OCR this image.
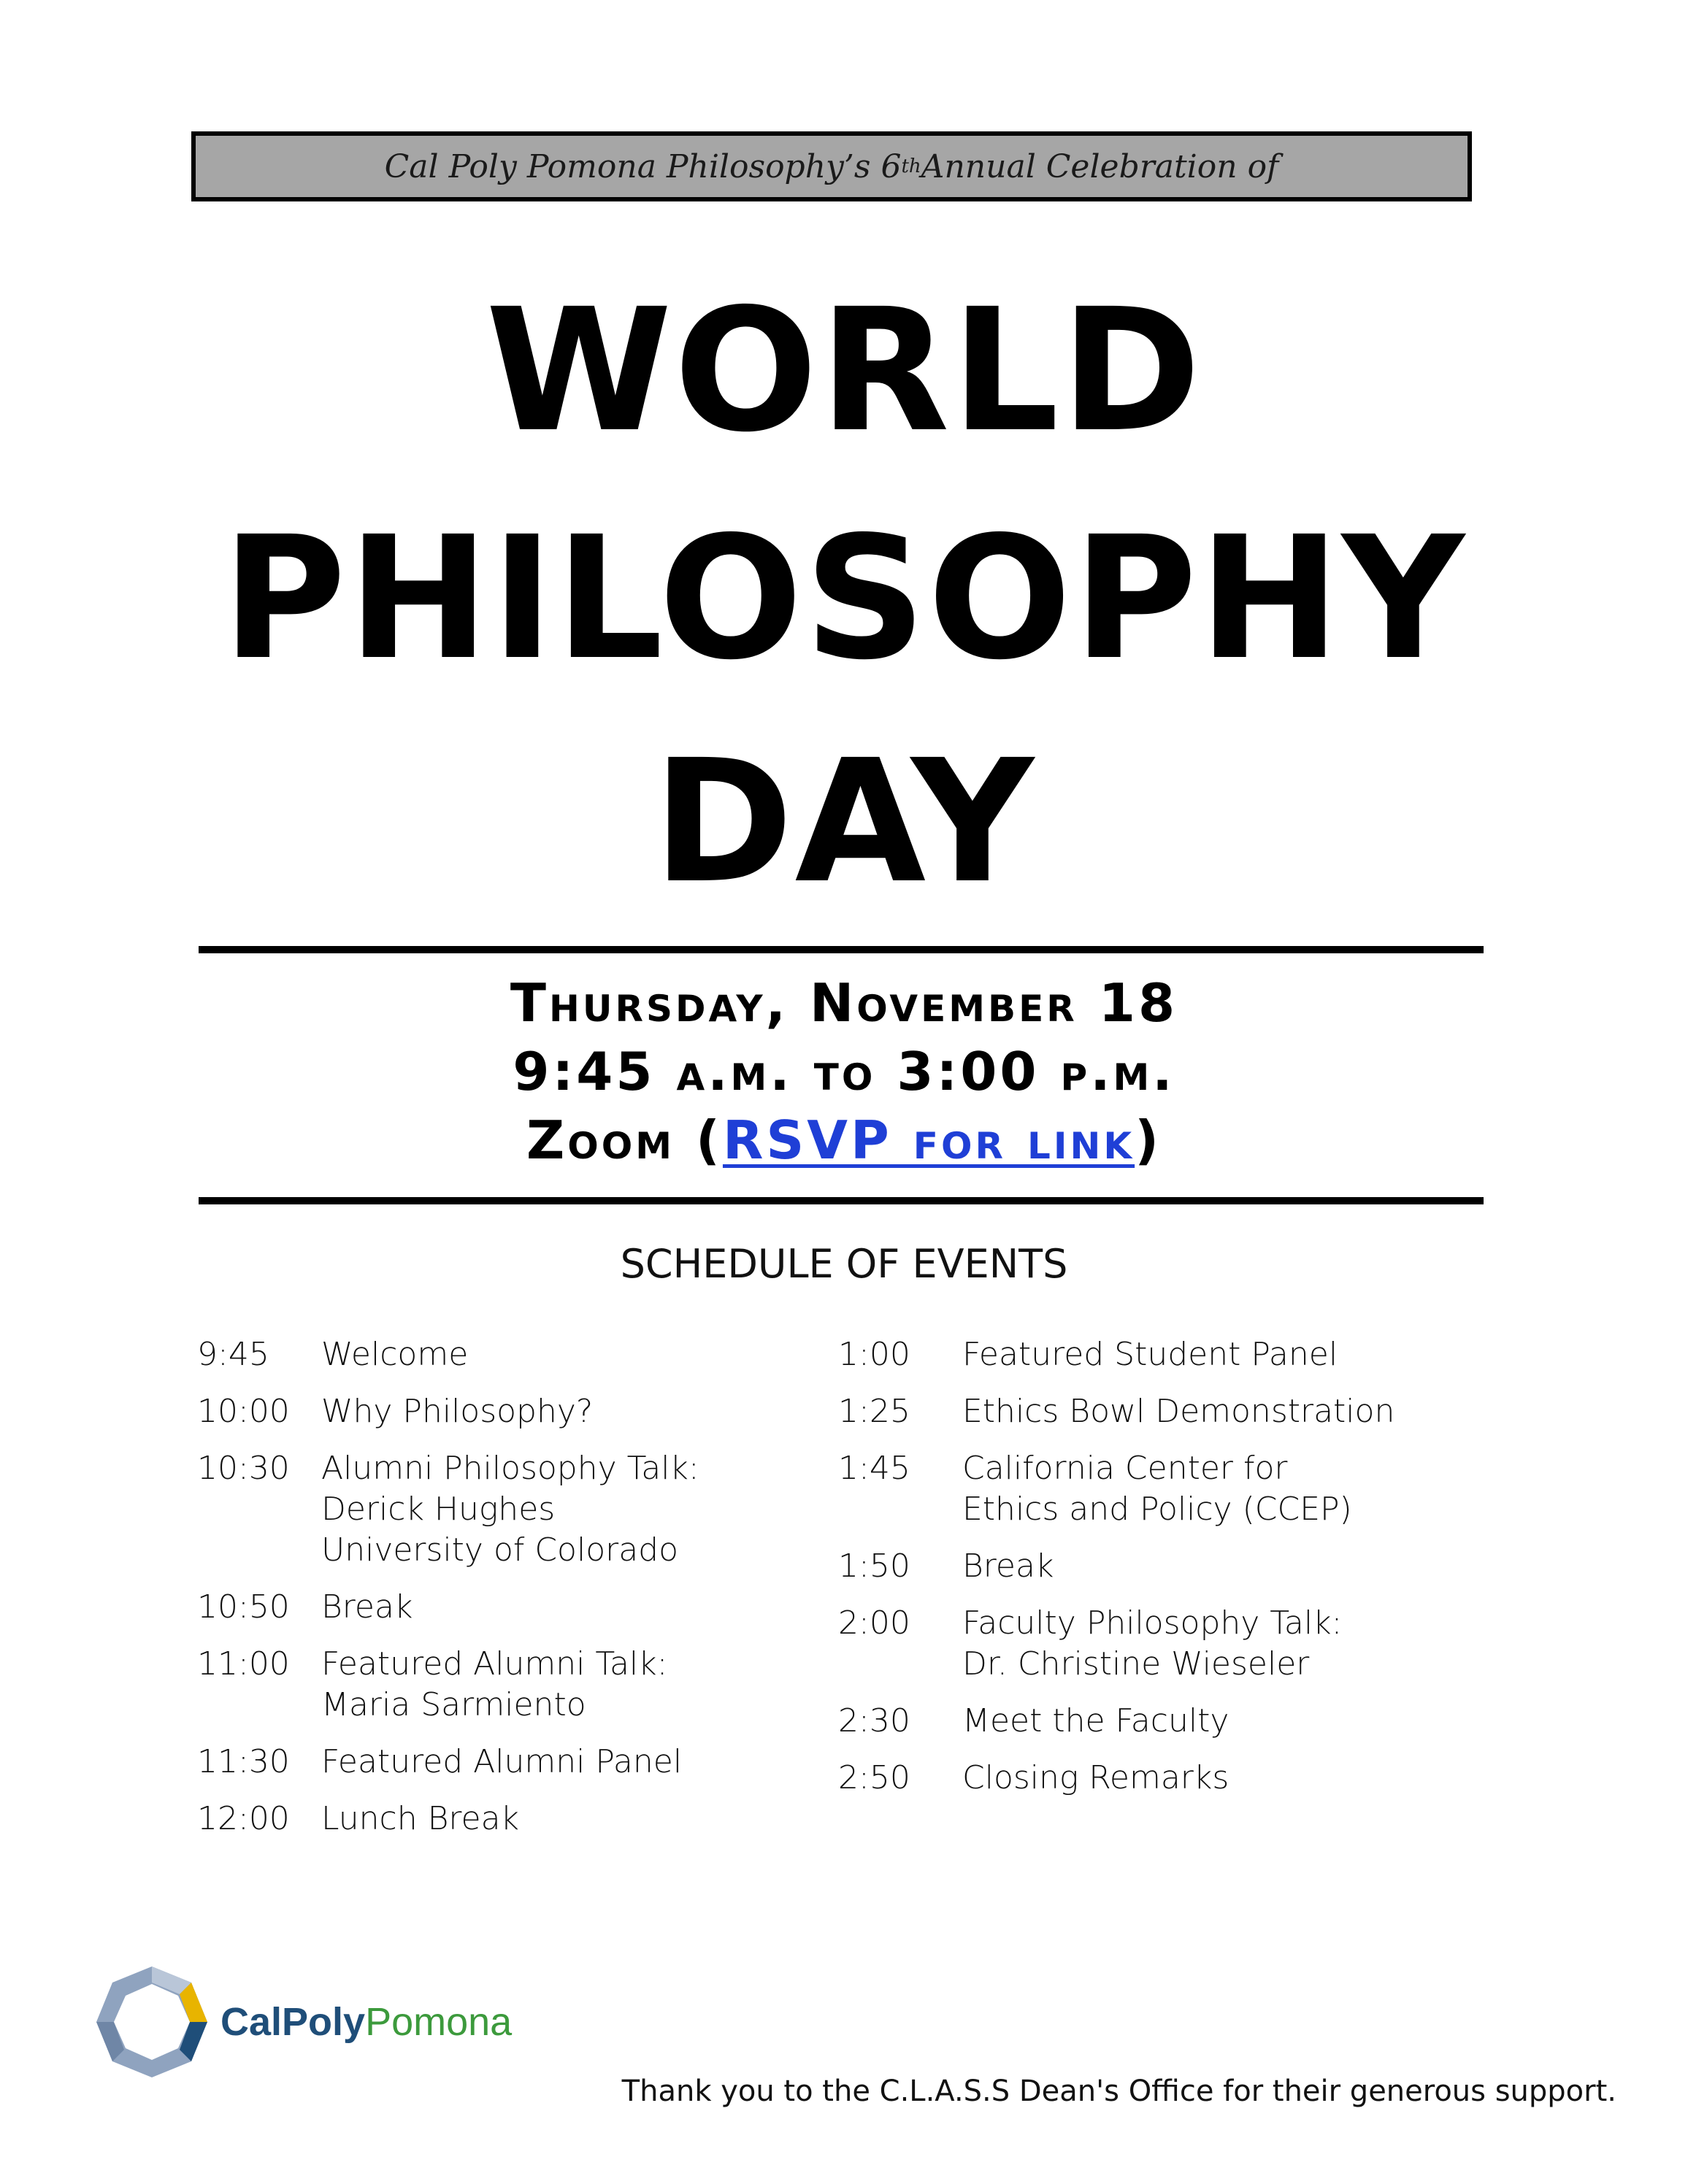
Cal Poly Pomona Philosophy’s 6 th Annual Celebration of
WORLD
PHILOSOPHY
DAY
Thursday, November 18
9:45 a.m. to 3:00 p.m.
Zoom (RSVP for link)
SCHEDULE OF EVENTS
9:45	Welcome
10:00 Why Philosophy?
10:30 Alumni Philosophy Talk:
Derick Hughes
University of Colorado
10:50 Break
11:00 Featured Alumni Talk:
Maria Sarmiento
11:30 Featured Alumni Panel
12:00 Lunch Break
1:00	Featured Student Panel
1:25	Ethics Bowl Demonstration
1:45	California Center for
Ethics and Policy (CCEP)
1:50	Break
2:00	Faculty Philosophy Talk:
Dr. Christine Wieseler
2:30	Meet the Faculty
2:50	Closing Remarks
CalPolyPomona
Thank you to the C.L.A.S.S Dean's Office for their generous support.
